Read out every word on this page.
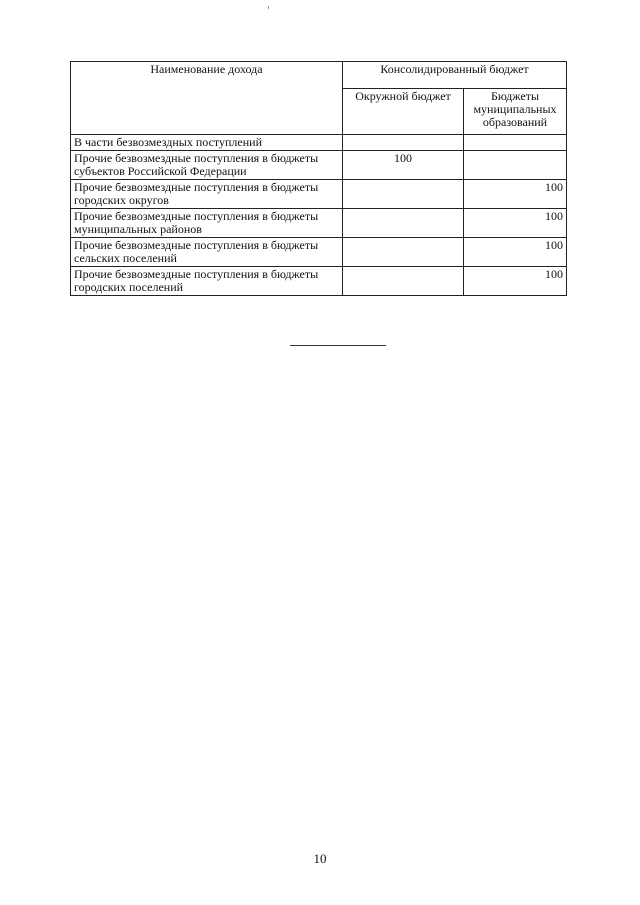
Наименование дохода	Консолидированный бюджет	
	Окружной бюджет	Бюджеты муниципальных образований
В части безвозмездных поступлений		
Прочие безвозмездные поступления в бюджеты субъектов Российской Федерации	100	
Прочие безвозмездные поступления в бюджеты городских округов		100
Прочие безвозмездные поступления в бюджеты муниципальных районов		100
Прочие безвозмездные поступления в бюджеты сельских поселений		100
Прочие безвозмездные поступления в бюджеты городских поселений		100
10
